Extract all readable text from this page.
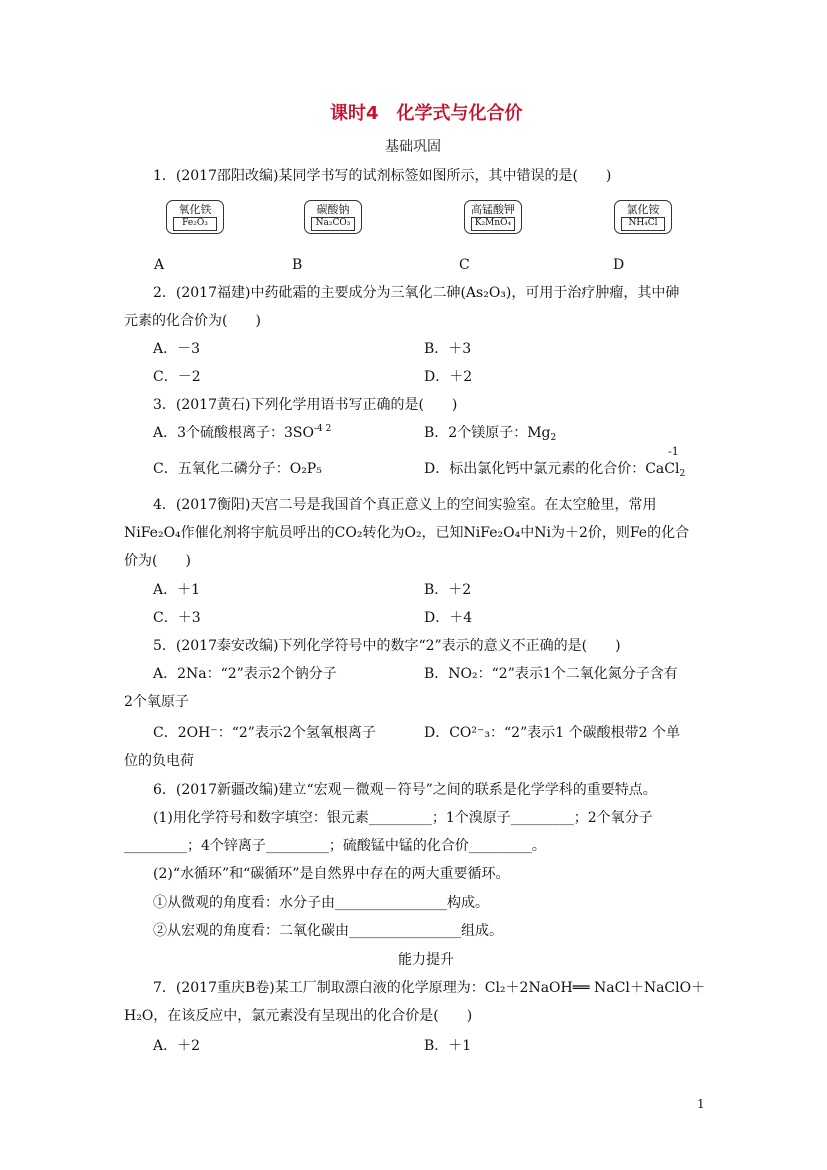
课时4　化学式与化合价
基础巩固
1．(2017邵阳改编)某同学书写的试剂标签如图所示，其中错误的是(　　)
氧化铁
Fe₂O₃
碳酸钠
Na₂CO₃
高锰酸钾
K₂MnO₄
氯化铵
NH₄Cl
A	B	C	D
2．(2017福建)中药砒霜的主要成分为三氧化二砷(As₂O₃)，可用于治疗肿瘤，其中砷
元素的化合价为(　　)
A．－3	B．＋3
C．－2	D．＋2
3．(2017黄石)下列化学用语书写正确的是(　　)
A．3个硫酸根离子：$3SO^{-4 2}$	B．2个镁原子：$Mg_2$
C．五氧化二磷分子：O₂P₅	D．标出氯化钙中氯元素的化合价：CaCl$_2$
-1
4．(2017衡阳)天宫二号是我国首个真正意义上的空间实验室。在太空舱里，常用
NiFe₂O₄作催化剂将宇航员呼出的CO₂转化为O₂，已知NiFe₂O₄中Ni为＋2价，则Fe的化合
价为(　　)
A．＋1	B．＋2
C．＋3	D．＋4
5．(2017泰安改编)下列化学符号中的数字“2”表示的意义不正确的是(　　)
A．2Na：“2”表示2个钠分子	B．NO₂：“2”表示1个二氧化氮分子含有
2个氧原子
C．2OH⁻：“2”表示2个氢氧根离子	D．CO²⁻₃：“2”表示1 个碳酸根带2 个单
位的负电荷
6．(2017新疆改编)建立“宏观－微观－符号”之间的联系是化学学科的重要特点。
(1)用化学符号和数字填空：银元素_________；1个溴原子_________；2个氧分子
_________；4个锌离子_________；硫酸锰中锰的化合价_________。
(2)“水循环”和“碳循环”是自然界中存在的两大重要循环。
①从微观的角度看：水分子由________________构成。
②从宏观的角度看：二氧化碳由________________组成。
能力提升
7．(2017重庆B卷)某工厂制取漂白液的化学原理为：Cl₂＋2NaOH══ NaCl＋NaClO＋
H₂O，在该反应中，氯元素没有呈现出的化合价是(　　)
A．＋2	B．＋1
1
